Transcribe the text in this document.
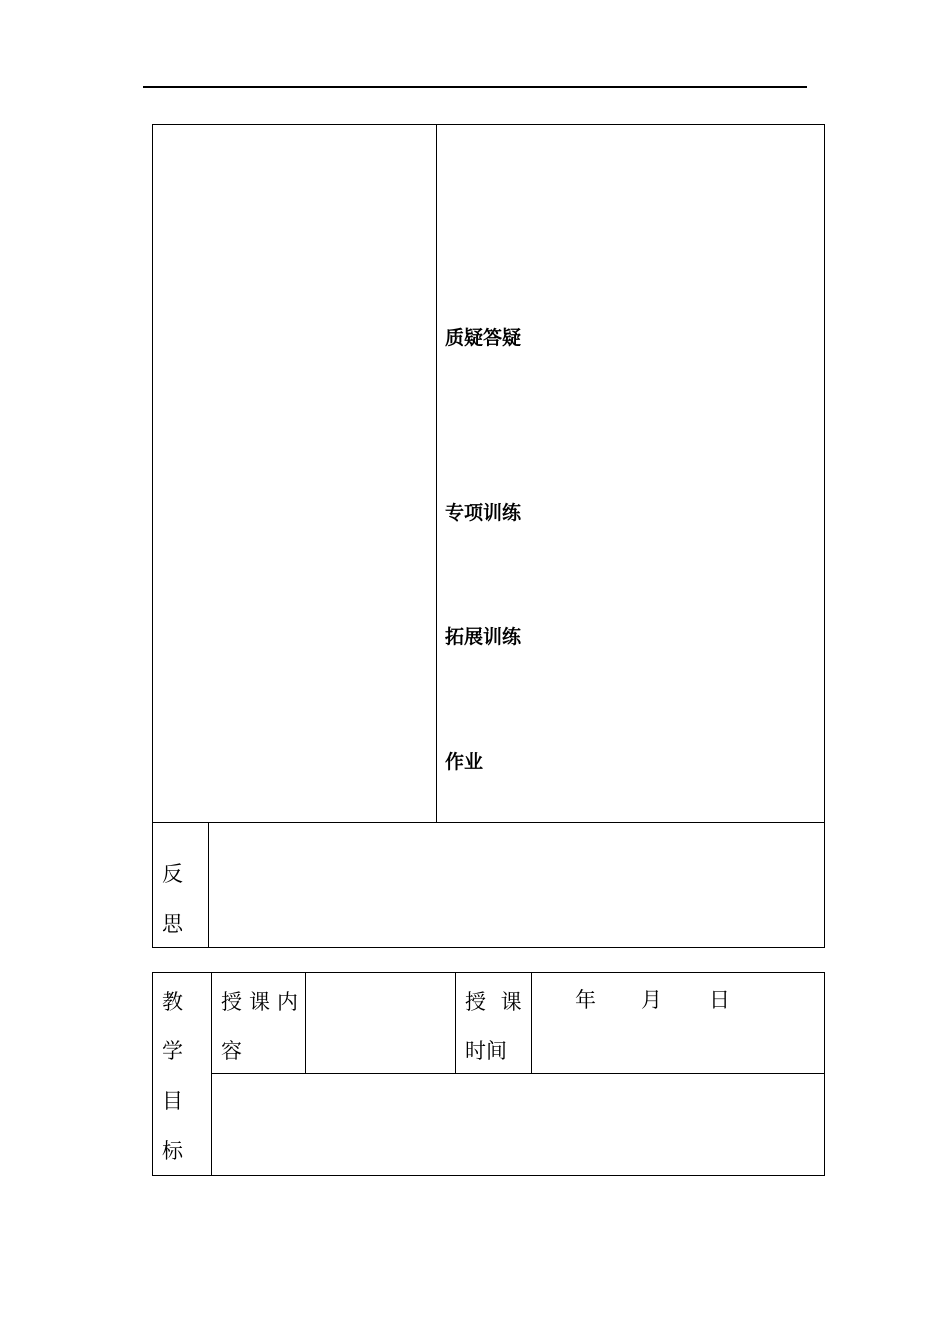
质疑答疑
专项训练
拓展训练
作业
反
思
教
学
目
标
授课内
容
授 课
时间
年 月 日
